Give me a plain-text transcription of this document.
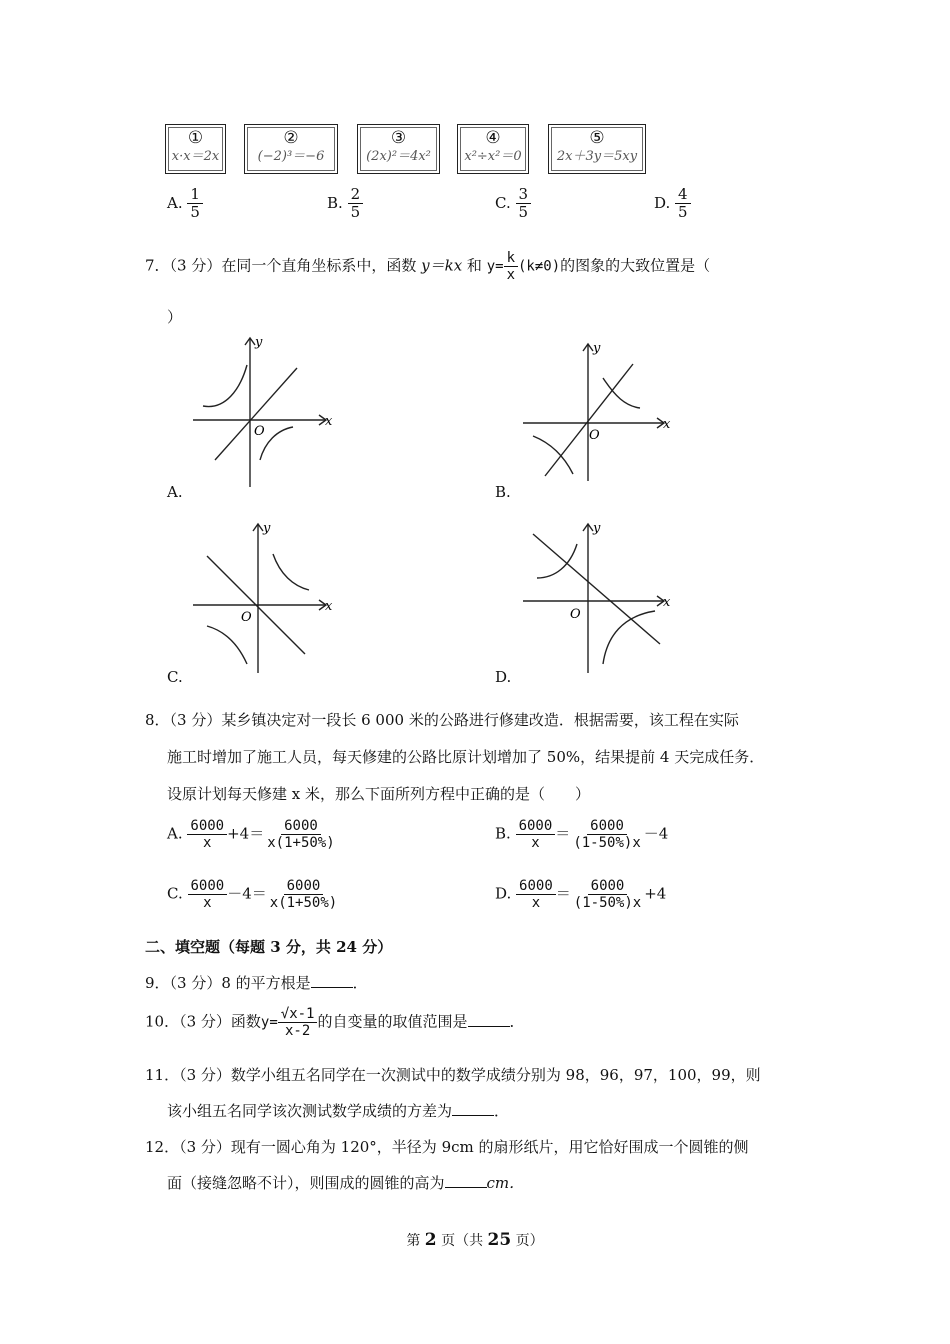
①
x·x＝2x
②
(−2)³＝−6
③
(2x)²＝4x²
④
x²÷x²＝0
⑤
2x＋3y＝5xy
A. $\frac{1}{5}$	B. $\frac{2}{5}$	C. $\frac{3}{5}$	D. $\frac{4}{5}$
7．（3 分）在同一个直角坐标系中，函数 y＝kx 和 $y= \frac{k}{x} (k\ne 0)$的图象的大致位置是（
）
y
x
O
A.
y
x
O
B.
y
x
O
C.
y
x
O
D.
8．（3 分）某乡镇决定对一段长 6 000 米的公路进行修建改造．根据需要，该工程在实际
施工时增加了施工人员，每天修建的公路比原计划增加了 50%，结果提前 4 天完成任务．
设原计划每天修建 x 米，那么下面所列方程中正确的是（　　）
A. $\frac{6000}{x} +4= \frac{6000}{x(1+50\%)}$	B. $\frac{6000}{x} = \frac{6000}{(1-50\%)x} -4$
C. $\frac{6000}{x} -4= \frac{6000}{x(1+50\%)}$	D. $\frac{6000}{x} = \frac{6000}{(1-50\%)x} +4$
二、填空题（每题 3 分，共 24 分）
9．（3 分）8 的平方根是	．
10．（3 分）函数$y= \frac{√x-1}{x-2}$ 的自变量的取值范围是	．
11．（3 分）数学小组五名同学在一次测试中的数学成绩分别为 98，96，97，100，99，则
该小组五名同学该次测试数学成绩的方差为	．
12．（3 分）现有一圆心角为 120°，半径为 9cm 的扇形纸片，用它恰好围成一个圆锥的侧
面（接缝忽略不计），则围成的圆锥的高为	cm．
第 2 页（共 25 页）
